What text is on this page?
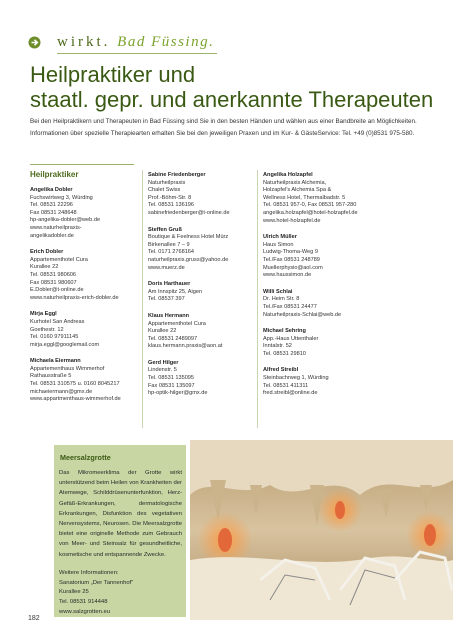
wirkt. Bad Füssing.
Heilpraktiker und
staatl. gepr. und anerkannte Therapeuten
Bei den Heilpraktikern und Therapeuten in Bad Füssing sind Sie in den besten Händen und wählen aus einer Bandbreite an Möglichkeiten. Informationen über spezielle Therapiearten erhalten Sie bei den jeweiligen Praxen und im Kur- & GästeService: Tel. +49 (0)8531 975-580.
Heilpraktiker
Angelika Dobler
Fuchswirtweg 3, Würding
Tel. 08531 22296
Fax 08531 248648
hp-angelika-dobler@web.de
www.naturheilpraxis-
angelikadobler.de
Erich Dobler
Appartementhotel Cura
Kurallee 22
Tel. 08531 980606
Fax 08531 980607
E.Dobler@t-online.de
www.naturheilpraxis-erich-dobler.de
Mirja Eggl
Kurhotel San Andreas
Goethestr. 12
Tel. 0160 97911145
mirja.eggl@googlemail.com
Michaela Eiermann
Appartementhaus Wimmerhof
Rathausstraße 5
Tel. 08531 310575 u. 0160 8045217
michaeiermann@gmx.de
www.appartmenthaus-wimmerhof.de
Sabine Friedenberger
Naturheilpraxis
Chalet Swiss
Prof.-Böhm-Str. 8
Tel. 08531 136196
sabinefriedenberger@t-online.de
Steffen Gruß
Boutique & Feelness Hotel Mürz
Birkenallee 7 – 9
Tel. 0171 2768164
naturheilpraxis.gruss@yahoo.de
www.muerz.de
Doris Harthauer
Am Innspitz 25, Aigen
Tel. 08537 397
Klaus Hermann
Appartementhotel Cura
Kurallee 22
Tel. 08531 2489097
klaus.hermann.praxis@aon.at
Gerd Hilger
Lindenstr. 5
Tel. 08531 135095
Fax 08531 135097
hp-optik-hilger@gmx.de
Angelika Holzapfel
Naturheilpraxis Alchemia,
Holzapfel's Alchemia Spa &
Wellness Hotel, Thermalbadstr. 5
Tel. 08531 957-0, Fax 08531 957-280
angelika.holzapfel@hotel-holzapfel.de
www.hotel-holzapfel.de
Ulrich Müller
Haus Simon
Ludwig-Thoma-Weg 9
Tel./Fax 08531 248789
Muellerphysio@aol.com
www.haussimon.de
Willi Schlai
Dr. Heim Str. 8
Tel./Fax 08531 24477
Naturheilpraxis-Schlai@web.de
Michael Sehring
App.-Haus Uttenthaler
Inntalstr. 52
Tel. 08531 29810
Alfred Streibl
Steinbachrweg 1, Würding
Tel. 08531 411311
fred.streibl@online.de
Meersalzgrotte
Das Mikromeerklima der Grotte wirkt unterstützend beim Heilen von Krankheiten der Atemwege, Schilddrüsenunterfunktion, Herz-Gefäß-Erkrankungen, dermatologische Erkrankungen, Disfunktion des vegetativen Nervensystems, Neurosen. Die Meersalzgrotte bietet eine originelle Methode zum Gebrauch von Meer- und Steinsalz für gesundheitliche, kosmetische und entspannende Zwecke.
Weitere Informationen:
Sanatorium „Der Tannenhof“
Kurallee 25
Tel. 08531 914448
www.salzgrotten.eu
182
